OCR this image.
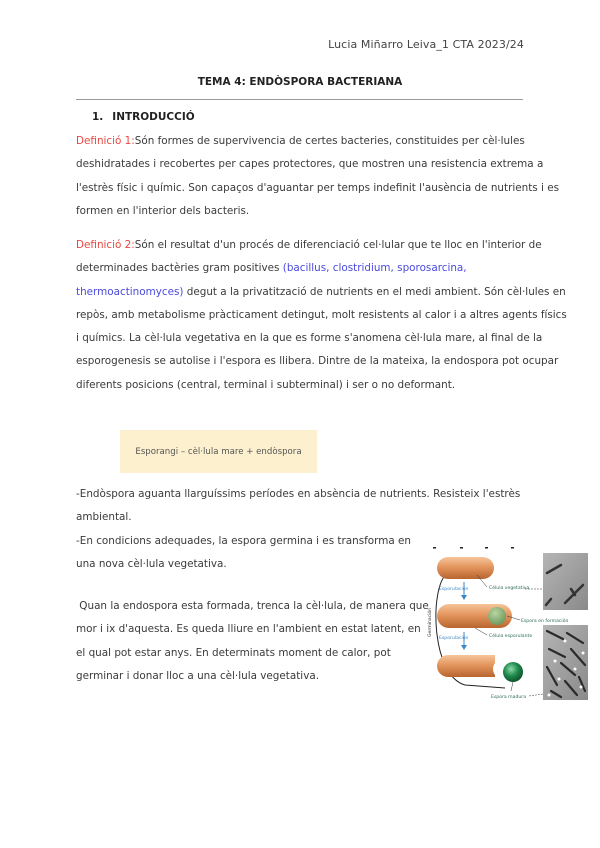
Lucia Miñarro Leiva_1 CTA 2023/24
TEMA 4: ENDÒSPORA BACTERIANA
1. INTRODUCCIÓ
Definició 1:Són formes de supervivencia de certes bacteries, constituides per cèl·lules
deshidratades i recobertes per capes protectores, que mostren una resistencia extrema a
l'estrès físic i químic. Son capaços d'aguantar per temps indefinit l'ausència de nutrients i es
formen en l'interior dels bacteris.
Definició 2:Són el resultat d'un procés de diferenciació cel·lular que te lloc en l'interior de
determinades bactèries gram positives (bacillus, clostridium, sporosarcina,
thermoactinomyces) degut a la privatització de nutrients en el medi ambient. Són cèl·lules en
repòs, amb metabolisme pràcticament detingut, molt resistents al calor i a altres agents físics
i químics. La cèl·lula vegetativa en la que es forme s'anomena cèl·lula mare, al final de la
esporogenesis se autolise i l'espora es llibera. Dintre de la mateixa, la endospora pot ocupar
diferents posicions (central, terminal i subterminal) i ser o no deformant.
Esporangi – cèl·lula mare + endòspora
-Endòspora aguanta llarguíssims períodes en absència de nutrients. Resisteix l'estrès
ambiental.
-En condicions adequades, la espora germina i es transforma en
una nova cèl·lula vegetativa.
Quan la endospora esta formada, trenca la cèl·lula, de manera que
mor i ix d'aquesta. Es queda lliure en l'ambient en estat latent, en
el qual pot estar anys. En determinats moment de calor, pot
germinar i donar lloc a una cèl·lula vegetativa.
Germinación
Esporulación
Esporulación
Célula vegetativa
Espora en formación
Célula esporulante
Espora madura
